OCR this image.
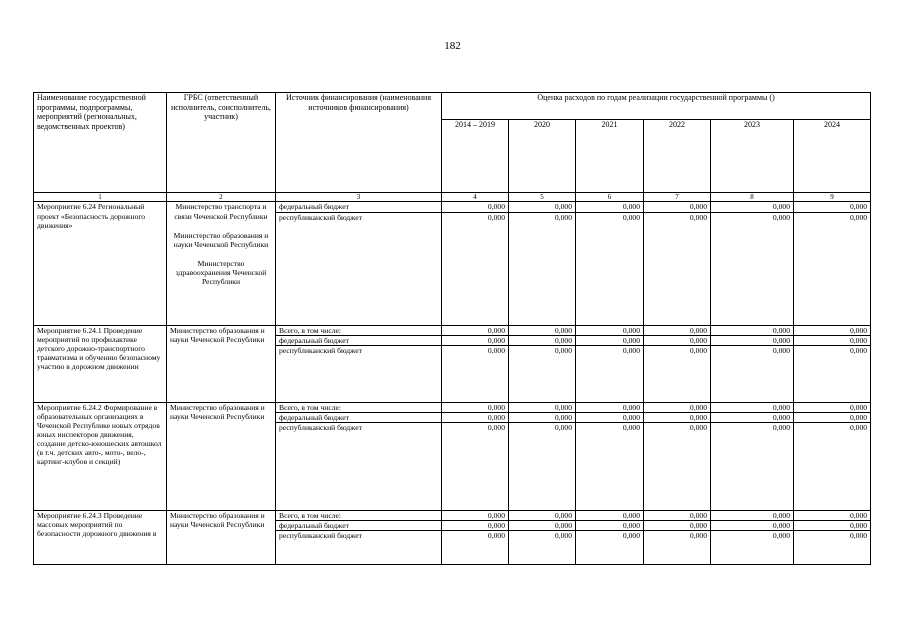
182
Наименование государственной программы, подпрограммы, мероприятий (региональных, ведомственных проектов)	ГРБС (ответственный исполнитель, соисполнитель, участник)	Источник финансирования (наименования источников финансирования)	Оценка расходов по годам реализации государственной программы ()					
			2014 – 2019	2020	2021	2022	2023	2024
1	2	3	4	5	6	7	8	9
Мероприятие 6.24 Региональный проект «Безопасность дорожного движения»	Министерство транспорта и связи Чеченской Республики
Министерство образования и науки Чеченской Республики
Министерство здравоохранения Чеченской Республики	федеральный бюджет	0,000	0,000	0,000	0,000	0,000	0,000
		республиканский бюджет	0,000	0,000	0,000	0,000	0,000	0,000
Мероприятие 6.24.1 Проведение мероприятий по профилактике детского дорожно-транспортного травматизма и обучению безопасному участию в дорожном движении	Министерство образования и науки Чеченской Республики	Всего, в том числе:	0,000	0,000	0,000	0,000	0,000	0,000
		федеральный бюджет	0,000	0,000	0,000	0,000	0,000	0,000
		республиканский бюджет	0,000	0,000	0,000	0,000	0,000	0,000
Мероприятие 6.24.2 Формирование в образовательных организациях в Чеченской Республике новых отрядов юных инспекторов движения, создание детско-юношеских автошкол (в т.ч. детских авто-, мото-, вело-, картинг-клубов и секций)	Министерство образования и науки Чеченской Республики	Всего, в том числе:	0,000	0,000	0,000	0,000	0,000	0,000
		федеральный бюджет	0,000	0,000	0,000	0,000	0,000	0,000
		республиканский бюджет	0,000	0,000	0,000	0,000	0,000	0,000
Мероприятие 6.24.3 Проведение массовых мероприятий по безопасности дорожного движения в	Министерство образования и науки Чеченской Республики	Всего, в том числе:	0,000	0,000	0,000	0,000	0,000	0,000
		федеральный бюджет	0,000	0,000	0,000	0,000	0,000	0,000
		республиканский бюджет	0,000	0,000	0,000	0,000	0,000	0,000
